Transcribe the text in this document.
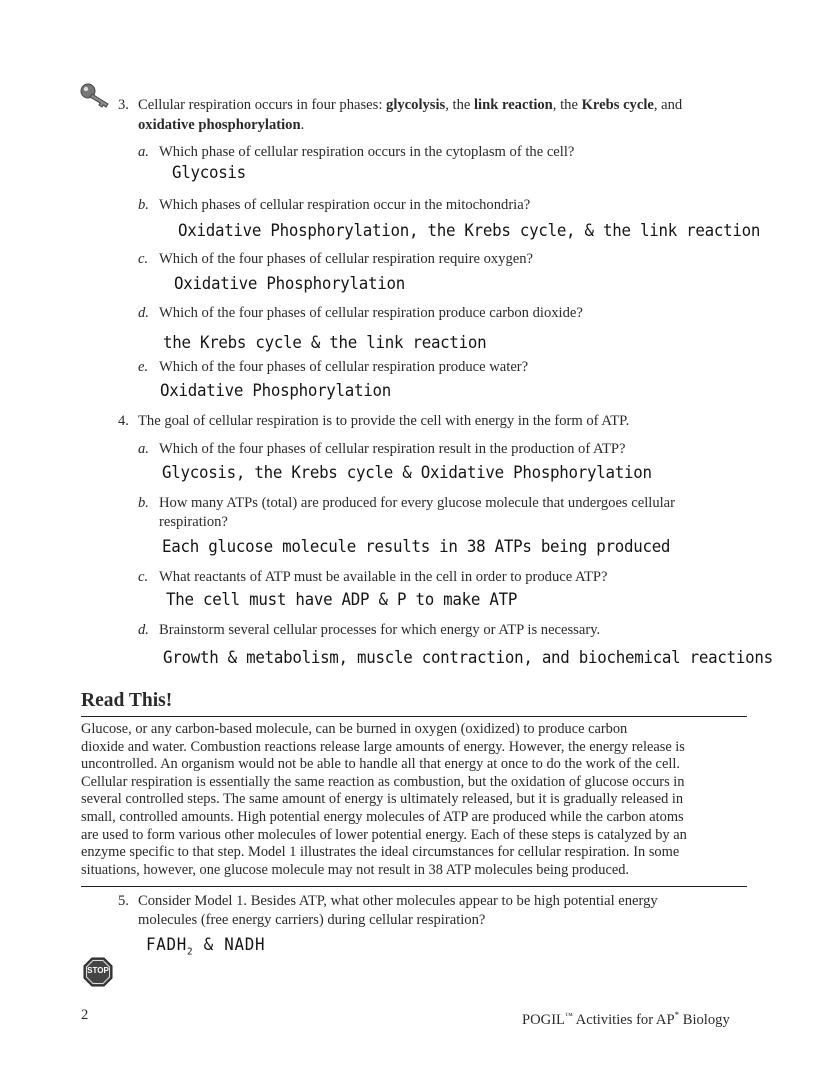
3. Cellular respiration occurs in four phases: glycolysis, the link reaction, the Krebs cycle, and
oxidative phosphorylation.
a. Which phase of cellular respiration occurs in the cytoplasm of the cell?
Glycosis
b. Which phases of cellular respiration occur in the mitochondria?
Oxidative Phosphorylation, the Krebs cycle, & the link reaction
c. Which of the four phases of cellular respiration require oxygen?
Oxidative Phosphorylation
d. Which of the four phases of cellular respiration produce carbon dioxide?
the Krebs cycle & the link reaction
e. Which of the four phases of cellular respiration produce water?
Oxidative Phosphorylation
4. The goal of cellular respiration is to provide the cell with energy in the form of ATP.
a. Which of the four phases of cellular respiration result in the production of ATP?
Glycosis, the Krebs cycle & Oxidative Phosphorylation
b. How many ATPs (total) are produced for every glucose molecule that undergoes cellular
respiration?
Each glucose molecule results in 38 ATPs being produced
c. What reactants of ATP must be available in the cell in order to produce ATP?
The cell must have ADP & P to make ATP
d. Brainstorm several cellular processes for which energy or ATP is necessary.
Growth & metabolism, muscle contraction, and biochemical reactions
Read This!
Glucose, or any carbon-based molecule, can be burned in oxygen (oxidized) to produce carbon
dioxide and water. Combustion reactions release large amounts of energy. However, the energy release is
uncontrolled. An organism would not be able to handle all that energy at once to do the work of the cell.
Cellular respiration is essentially the same reaction as combustion, but the oxidation of glucose occurs in
several controlled steps. The same amount of energy is ultimately released, but it is gradually released in
small, controlled amounts. High potential energy molecules of ATP are produced while the carbon atoms
are used to form various other molecules of lower potential energy. Each of these steps is catalyzed by an
enzyme specific to that step. Model 1 illustrates the ideal circumstances for cellular respiration. In some
situations, however, one glucose molecule may not result in 38 ATP molecules being produced.
5. Consider Model 1. Besides ATP, what other molecules appear to be high potential energy
molecules (free energy carriers) during cellular respiration?
$FADH_2$ & NADH
STOP
2	POGIL™ Activities for AP* Biology
